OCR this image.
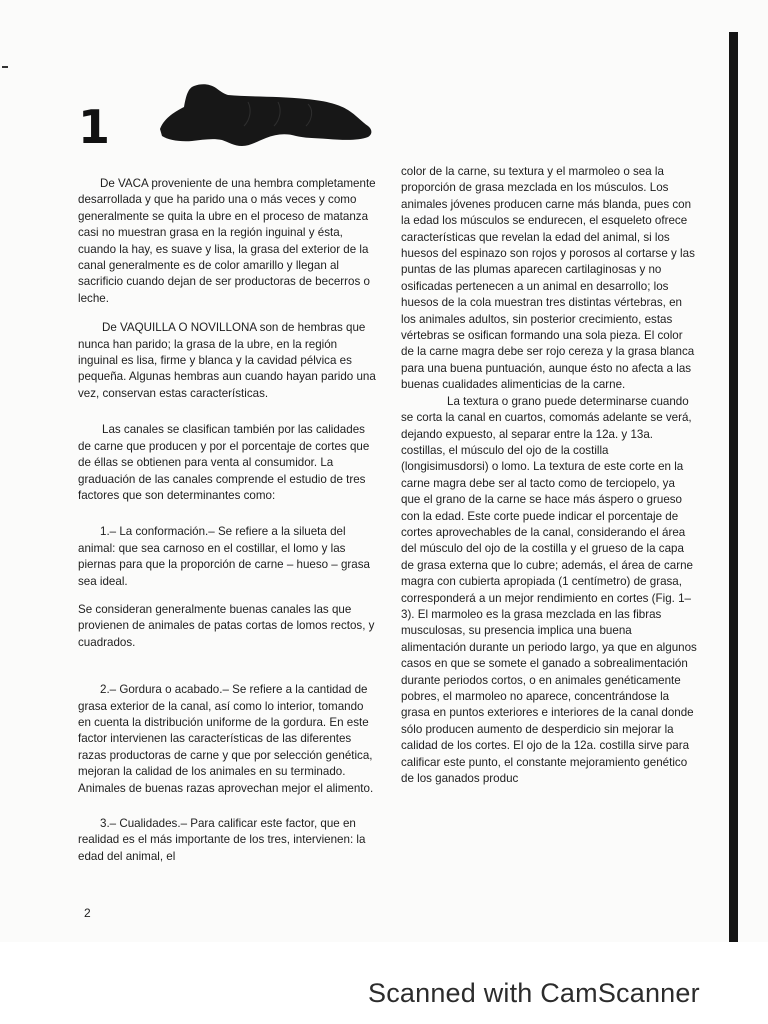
1

De VACA proveniente de una hembra completamente desarrollada y que ha parido una o más veces y como generalmente se quita la ubre en el proceso de matanza casi no muestran grasa en la región inguinal y ésta, cuando la hay, es suave y lisa, la grasa del exterior de la canal generalmente es de color amarillo y llegan al sacrificio cuando dejan de ser productoras de becerros o leche.

De VAQUILLA O NOVILLONA son de hembras que nunca han parido; la grasa de la ubre, en la región inguinal es lisa, firme y blanca y la cavidad pélvica es pequeña. Algunas hembras aun cuando hayan parido una vez, conservan estas características.

Las canales se clasifican también por las calidades de carne que producen y por el porcentaje de cortes que de éllas se obtienen para venta al consumidor. La graduación de las canales comprende el estudio de tres factores que son determinantes como:

1.– La conformación.– Se refiere a la silueta del animal: que sea carnoso en el costillar, el lomo y las piernas para que la proporción de carne – hueso – grasa sea ideal.

Se consideran generalmente buenas canales las que provienen de animales de patas cortas de lomos rectos, y cuadrados.

2.– Gordura o acabado.– Se refiere a la cantidad de grasa exterior de la canal, así como lo interior, tomando en cuenta la distribución uniforme de la gordura. En este factor intervienen las características de las diferentes razas productoras de carne y que por selección genética, mejoran la calidad de los animales en su terminado. Animales de buenas razas aprovechan mejor el alimento.

3.– Cualidades.– Para calificar este factor, que en realidad es el más importante de los tres, intervienen: la edad del animal, el

color de la carne, su textura y el marmoleo o sea la proporción de grasa mezclada en los músculos. Los animales jóvenes producen carne más blanda, pues con la edad los músculos se endurecen, el esqueleto ofrece características que revelan la edad del animal, si los huesos del espinazo son rojos y porosos al cortarse y las puntas de las plumas aparecen cartilaginosas y no osificadas pertenecen a un animal en desarrollo; los huesos de la cola muestran tres distintas vértebras, en los animales adultos, sin posterior crecimiento, estas vértebras se osifican formando una sola pieza. El color de la carne magra debe ser rojo cereza y la grasa blanca para una buena puntuación, aunque ésto no afecta a las buenas cualidades alimenticias de la carne.

La textura o grano puede determinarse cuando se corta la canal en cuartos, comomás adelante se verá, dejando expuesto, al separar entre la 12a. y 13a. costillas, el músculo del ojo de la costilla (longisimusdorsi) o lomo. La textura de este corte en la carne magra debe ser al tacto como de terciopelo, ya que el grano de la carne se hace más áspero o grueso con la edad. Este corte puede indicar el porcentaje de cortes aprovechables de la canal, considerando el área del músculo del ojo de la costilla y el grueso de la capa de grasa externa que lo cubre; además, el área de carne magra con cubierta apropiada (1 centímetro) de grasa, corresponderá a un mejor rendimiento en cortes (Fig. 1–3). El marmoleo es la grasa mezclada en las fibras musculosas, su presencia implica una buena alimentación durante un periodo largo, ya que en algunos casos en que se somete el ganado a sobrealimentación durante periodos cortos, o en animales genéticamente pobres, el marmoleo no aparece, concentrándose la grasa en puntos exteriores e interiores de la canal donde sólo producen aumento de desperdicio sin mejorar la calidad de los cortes. El ojo de la 12a. costilla sirve para calificar este punto, el constante mejoramiento genético de los ganados produc

2
Scanned with CamScanner
